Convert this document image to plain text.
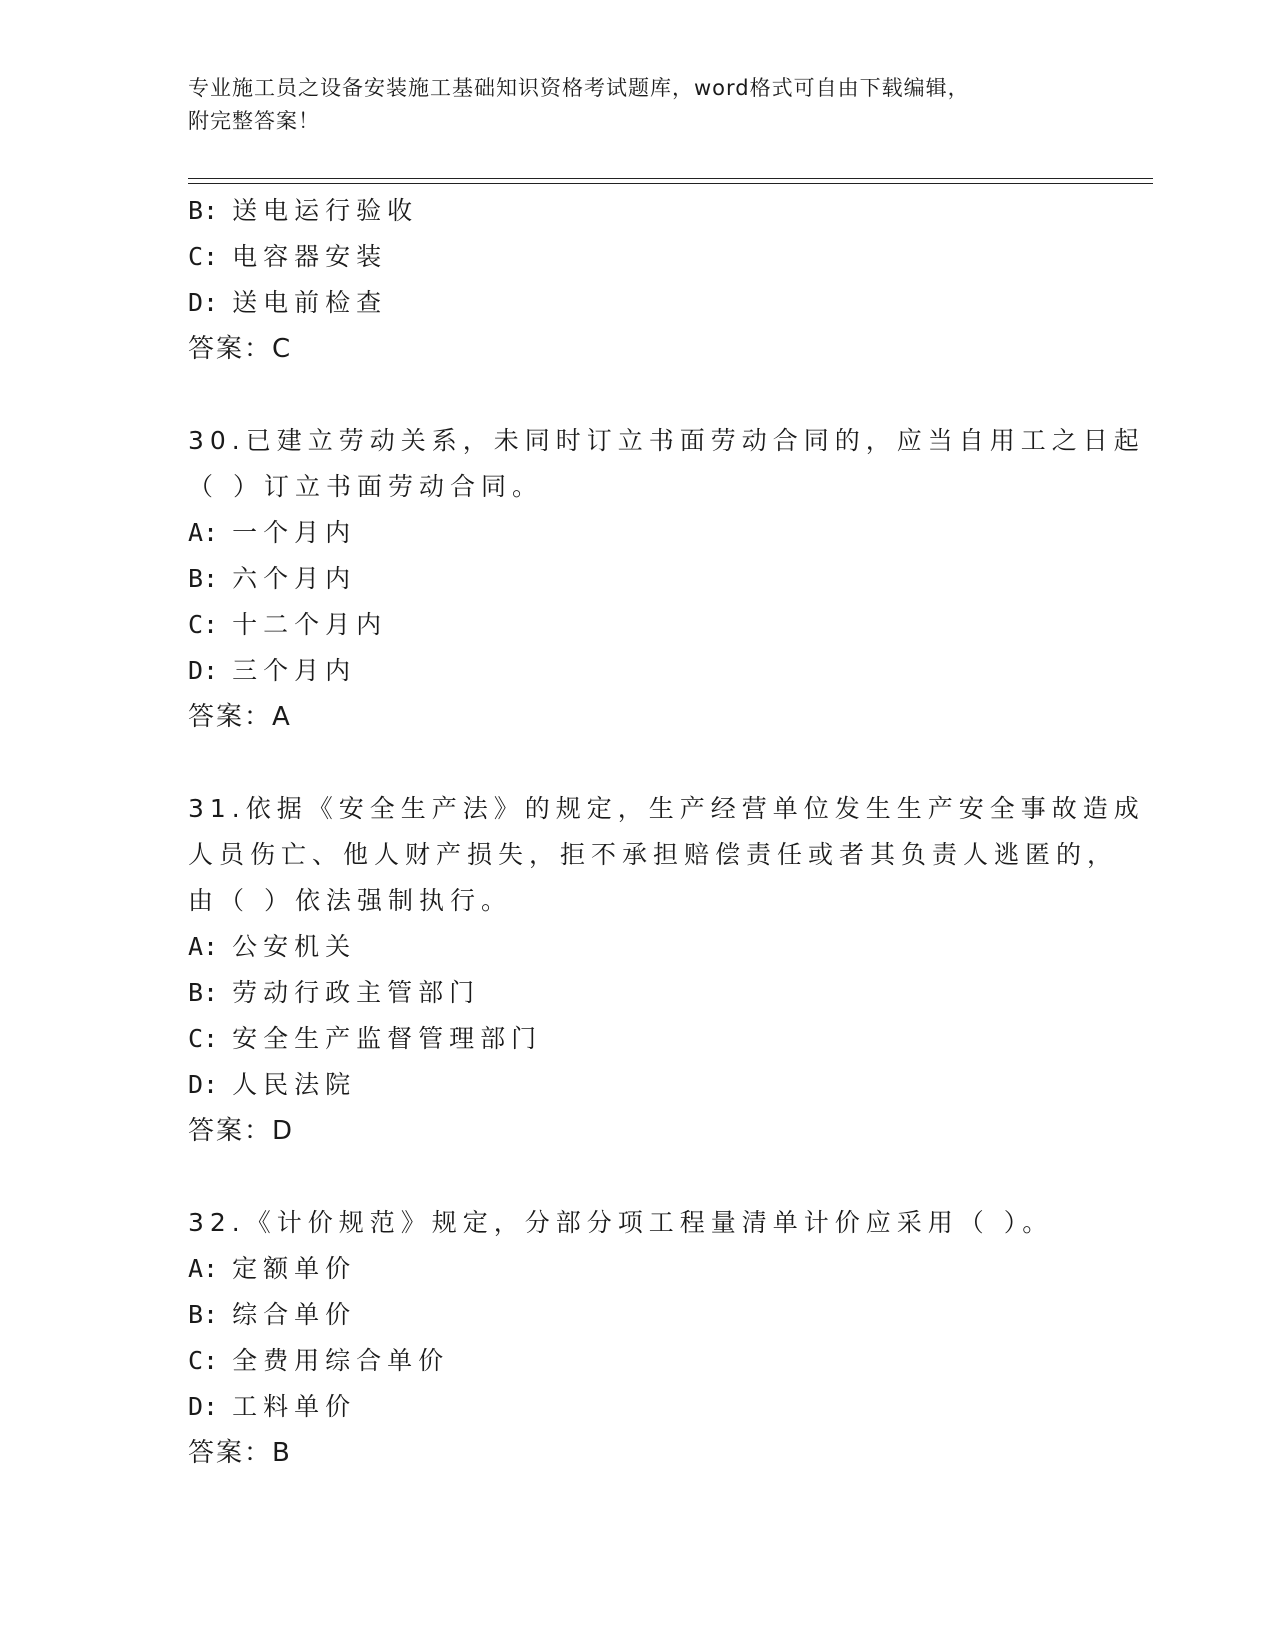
专业施工员之设备安装施工基础知识资格考试题库，word格式可自由下载编辑，
附完整答案！
B: 送电运行验收
C: 电容器安装
D: 送电前检查
答案：C
30.已建立劳动关系，未同时订立书面劳动合同的，应当自用工之日起
（ ）订立书面劳动合同。
A: 一个月内
B: 六个月内
C: 十二个月内
D: 三个月内
答案：A
31.依据《安全生产法》的规定，生产经营单位发生生产安全事故造成
人员伤亡、他人财产损失，拒不承担赔偿责任或者其负责人逃匿的，
由（ ）依法强制执行。
A: 公安机关
B: 劳动行政主管部门
C: 安全生产监督管理部门
D: 人民法院
答案：D
32.《计价规范》规定，分部分项工程量清单计价应采用（ ）。
A: 定额单价
B: 综合单价
C: 全费用综合单价
D: 工料单价
答案：B
